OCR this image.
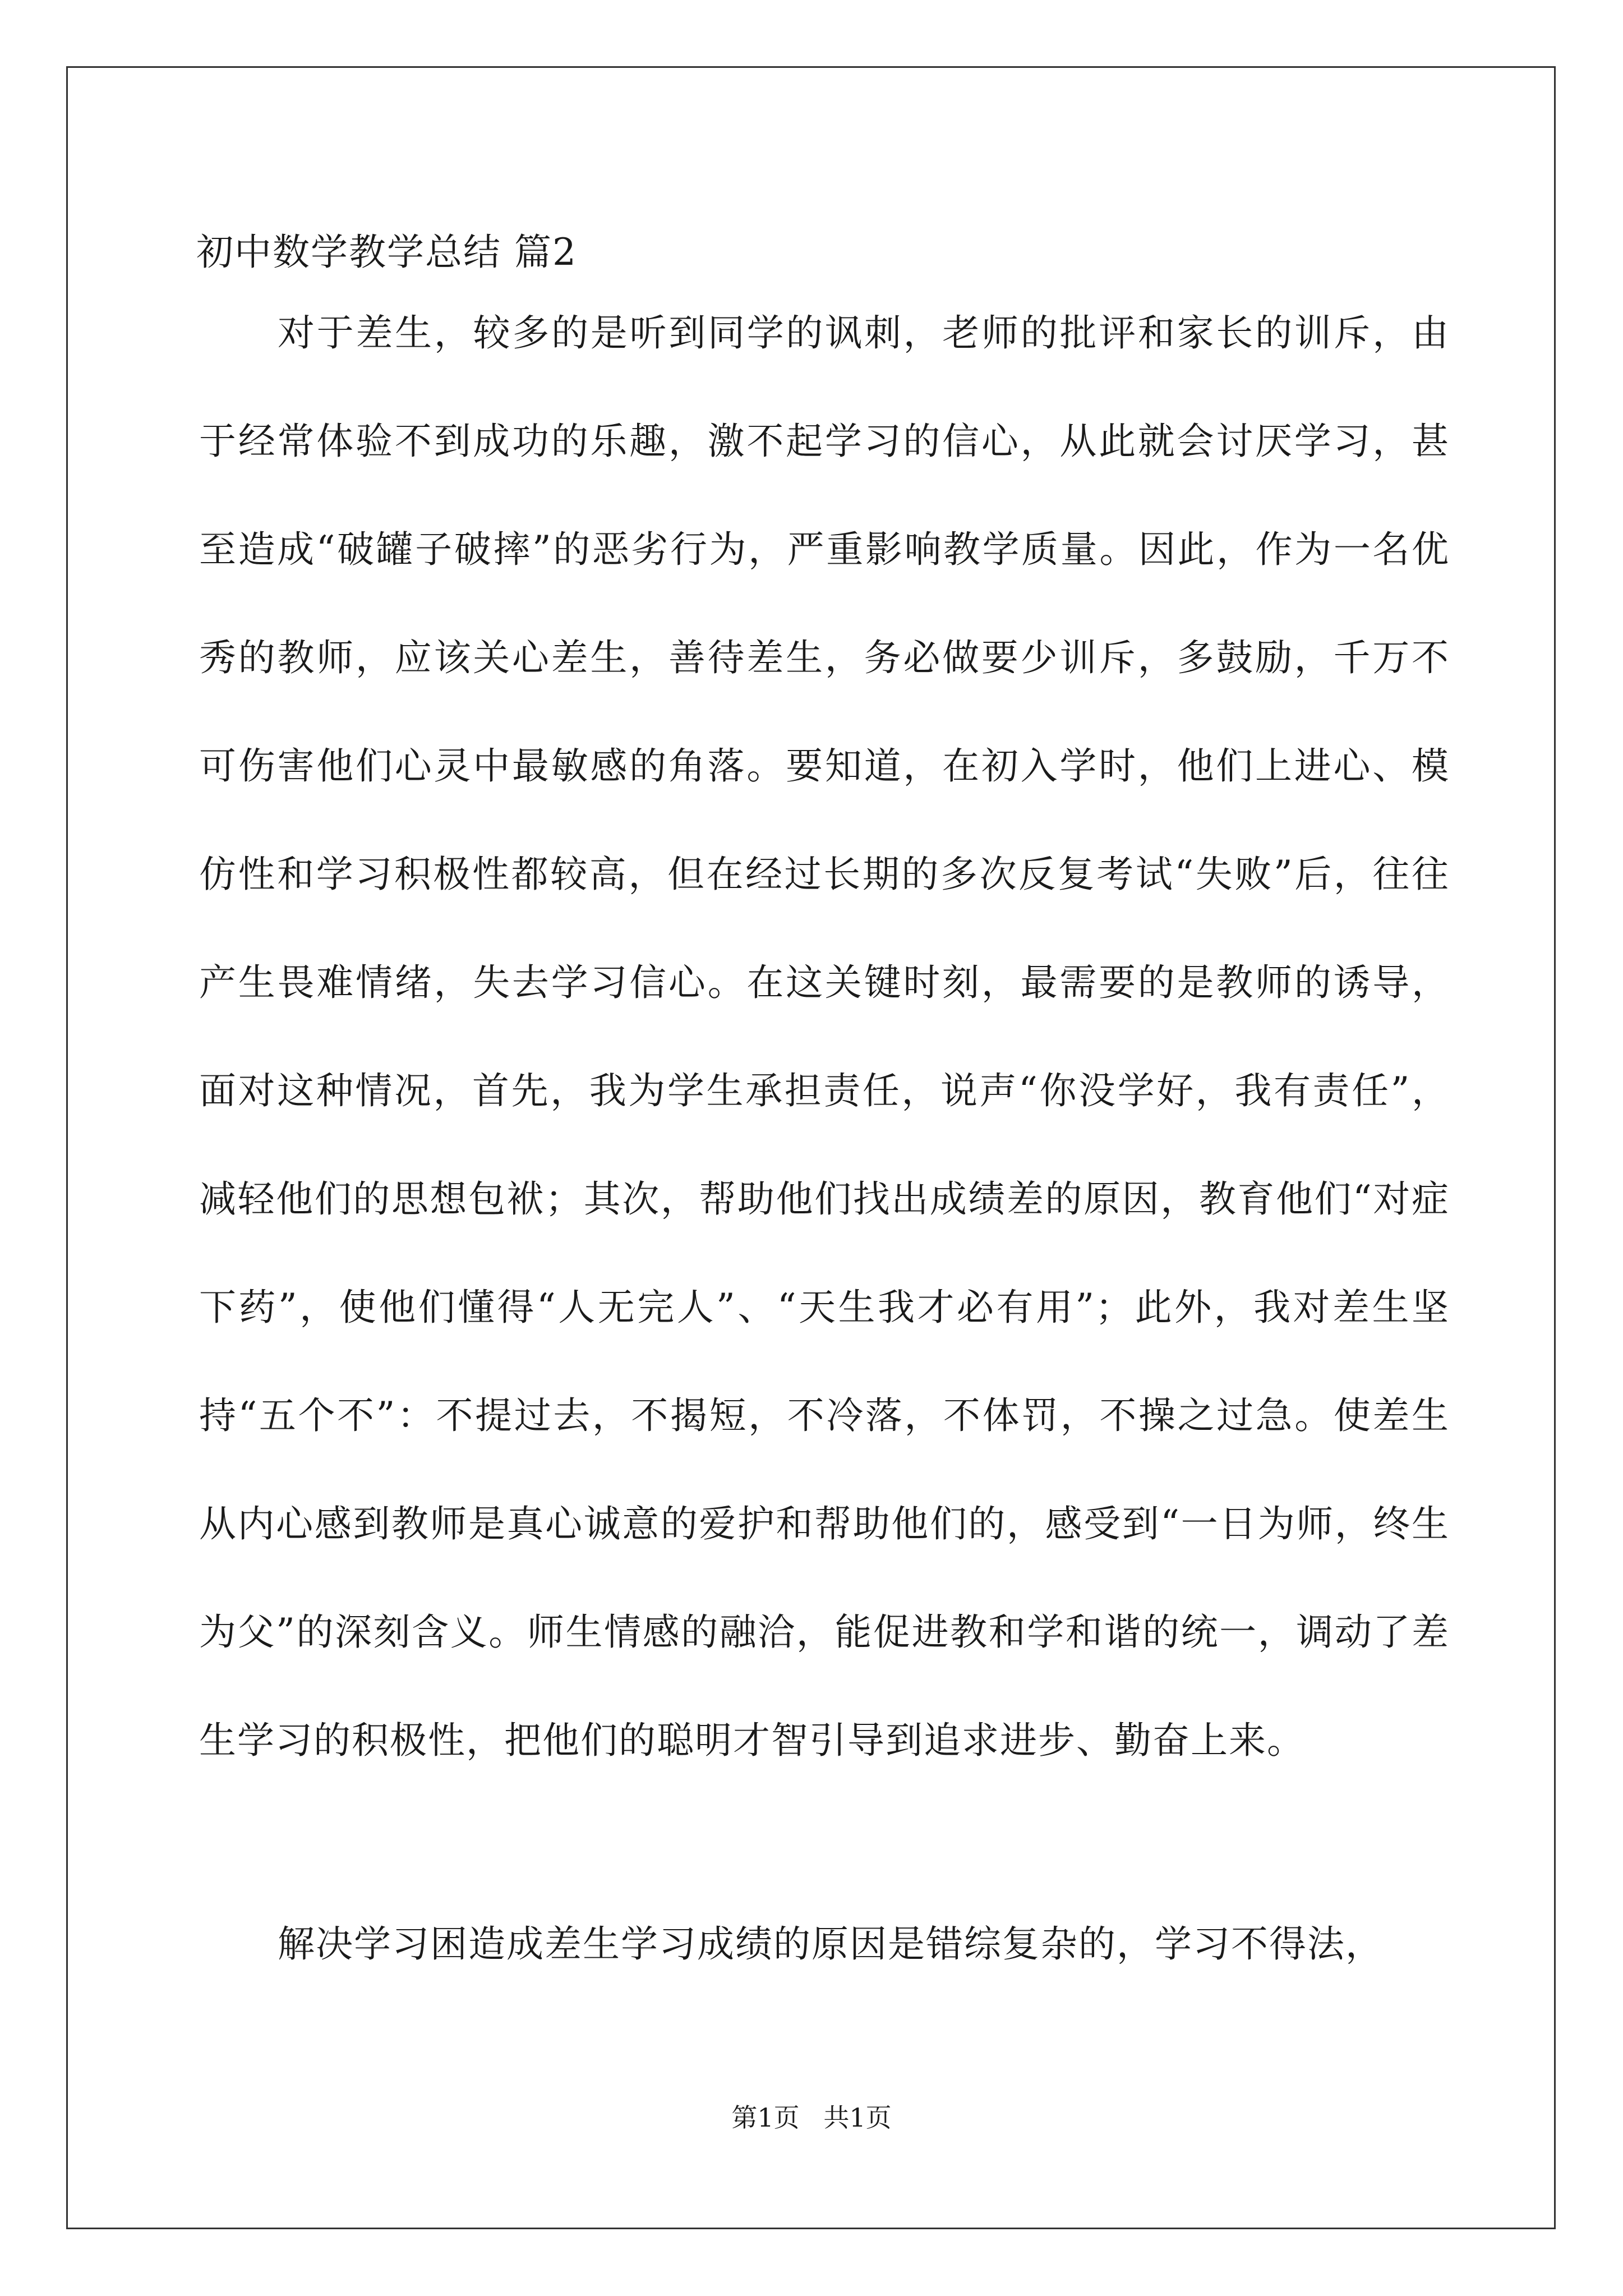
初中数学教学总结 篇2

对于差生，较多的是听到同学的讽刺，老师的批评和家长的训斥，由于经常体验不到成功的乐趣，激不起学习的信心，从此就会讨厌学习，甚至造成“破罐子破摔”的恶劣行为，严重影响教学质量。因此，作为一名优秀的教师，应该关心差生，善待差生，务必做要少训斥，多鼓励，千万不可伤害他们心灵中最敏感的角落。要知道，在初入学时，他们上进心、模仿性和学习积极性都较高，但在经过长期的多次反复考试“失败”后，往往产生畏难情绪，失去学习信心。在这关键时刻，最需要的是教师的诱导，面对这种情况，首先，我为学生承担责任，说声“你没学好，我有责任”，减轻他们的思想包袱；其次，帮助他们找出成绩差的原因，教育他们“对症下药”，使他们懂得“人无完人”、“天生我才必有用”；此外，我对差生坚持“五个不”：不提过去，不揭短，不冷落，不体罚，不操之过急。使差生从内心感到教师是真心诚意的爱护和帮助他们的，感受到“一日为师，终生为父”的深刻含义。师生情感的融洽，能促进教和学和谐的统一，调动了差生学习的积极性，把他们的聪明才智引导到追求进步、勤奋上来。

解决学习困造成差生学习成绩的原因是错综复杂的，学习不得法，

第1页 共1页
